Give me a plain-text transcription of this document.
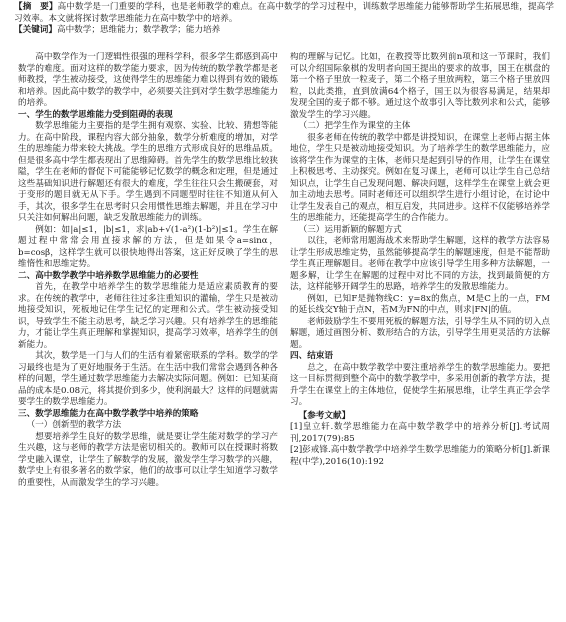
【摘　要】高中数学是一门重要的学科，也是老师教学的难点。在高中数学的学习过程中，训练数学思维能力能够帮助学生拓展思维，提高学习效率。本文就将探讨数学思维能力在高中数学中的培养。

【关键词】高中数学；思维能力；数学教学；能力培养

高中数学作为一门逻辑性很强的理科学科，很多学生都感到高中数学的难度。面对这样的数学能力要求，因为传统的数学教学都是老师教授，学生被动接受，这使得学生的思维能力难以得到有效的锻炼和培养。因此高中数学的教学中，必须要关注到对学生数学思维能力的培养。

一、学生的数学思维能力受到阻碍的表现

数学思维能力主要指的是学生拥有观察、实验、比较、猜想等能力。在高中阶段，课程内容大部分抽象，数学分析难度的增加，对学生的思维能力带来较大挑战。学生的思维方式形成良好的思维品质。但是很多高中学生都表现出了思维障碍。首先学生的数学思维比较狭隘，学生在老师的督促下可能能够记忆数学的概念和定理，但是通过这些基础知识进行解题还有很大的难度，学生往往只会生搬硬套，对于变形的题目就无从下手。学生遇到不同题型时往往不知道从何入手，其次，很多学生在思考时只会用惯性思维去解题，并且在学习中只关注如何解出问题，缺乏发散思维能力的训练。

例如：如|a|≤1，|b|≤1，求|ab+√(1-a²)(1-b²)|≤1。学生在解题过程中常常会用直接求解的方法，但是如果令a=sinα，b=cosβ，这样学生就可以很快地得出答案，这正好反映了学生的思维惰性和思维定势。

二、高中数学教学中培养数学思维能力的必要性

首先，在教学中培养学生的数学思维能力是适应素质教育的要求。在传统的教学中，老师往往过多注重知识的灌输，学生只是被动地接受知识，死板地记住学生记忆的定理和公式。学生被动接受知识，导致学生不能主动思考，缺乏学习兴趣。只有培养学生的思维能力，才能让学生真正理解和掌握知识，提高学习效率，培养学生的创新能力。

其次，数学是一门与人们的生活有着紧密联系的学科。数学的学习最终也是为了更好地服务于生活。在生活中我们常常会遇到各种各样的问题，学生通过数学思维能力去解决实际问题。例如：已知某商品的成本是0.08元，将其提价到多少，使利润最大？这样的问题就需要学生的数学思维能力。

三、数学思维能力在高中数学教学中培养的策略

（一）创新型的教学方法

想要培养学生良好的数学思维，就是要让学生能对数学的学习产生兴趣，这与老师的教学方法是密切相关的。教师可以在授课时将数学史融入课堂，让学生了解数学的发展，激发学生学习数学的兴趣，数学史上有很多著名的数学家，他们的故事可以让学生知道学习数学的重要性，从而激发学生的学习兴趣。

构的理解与记忆。比如，在教授等比数列前n项和这一节课时，我们可以介绍国际象棋的发明者向国王提出的要求的故事，国王在棋盘的第一个格子里放一粒麦子，第二个格子里放两粒，第三个格子里放四粒，以此类推，直到放满64个格子，国王以为很容易满足，结果却发现全国的麦子都不够。通过这个故事引入等比数列求和公式，能够激发学生的学习兴趣。

（二）把学生作为课堂的主体

很多老师在传统的教学中都是讲授知识，在课堂上老师占据主体地位，学生只是被动地接受知识。为了培养学生的数学思维能力，应该将学生作为课堂的主体，老师只是起到引导的作用，让学生在课堂上积极思考、主动探究。例如在复习课上，老师可以让学生自己总结知识点，让学生自己发现问题、解决问题，这样学生在课堂上就会更加主动地去思考。同时老师还可以组织学生进行小组讨论，在讨论中让学生发表自己的观点，相互启发，共同进步。这样不仅能够培养学生的思维能力，还能提高学生的合作能力。

（三）运用新颖的解题方式

以往，老师常用题海战术来帮助学生解题，这样的教学方法容易让学生形成思维定势，虽然能够提高学生的解题速度，但是不能帮助学生真正理解题目。老师在教学中应该引导学生用多种方法解题，一题多解，让学生在解题的过程中对比不同的方法，找到最简便的方法，这样能够开阔学生的思路，培养学生的发散思维能力。

例如，已知F是抛物线C：y=8x的焦点，M是C上的一点，FM的延长线交Y轴于点N，若M为FN的中点，则求|FN|的值。

老师鼓励学生不要用死板的解题方法，引导学生从不同的切入点解题，通过画图分析、数形结合的方法，引导学生用更灵活的方法解题。

四、结束语

总之，在高中数学教学中要注重培养学生的数学思维能力。要把这一目标贯彻到整个高中的数学教学中，多采用创新的教学方法，提升学生在课堂上的主体地位，促使学生拓展思维，让学生真正学会学习。

【参考文献】

[1]皇立轩.数学思维能力在高中数学教学中的培养分析[J].考试周刊,2017(79):85

[2]彭戒锋.高中数学教学中培养学生数学思维能力的策略分析[J].新课程(中学),2016(10):192
